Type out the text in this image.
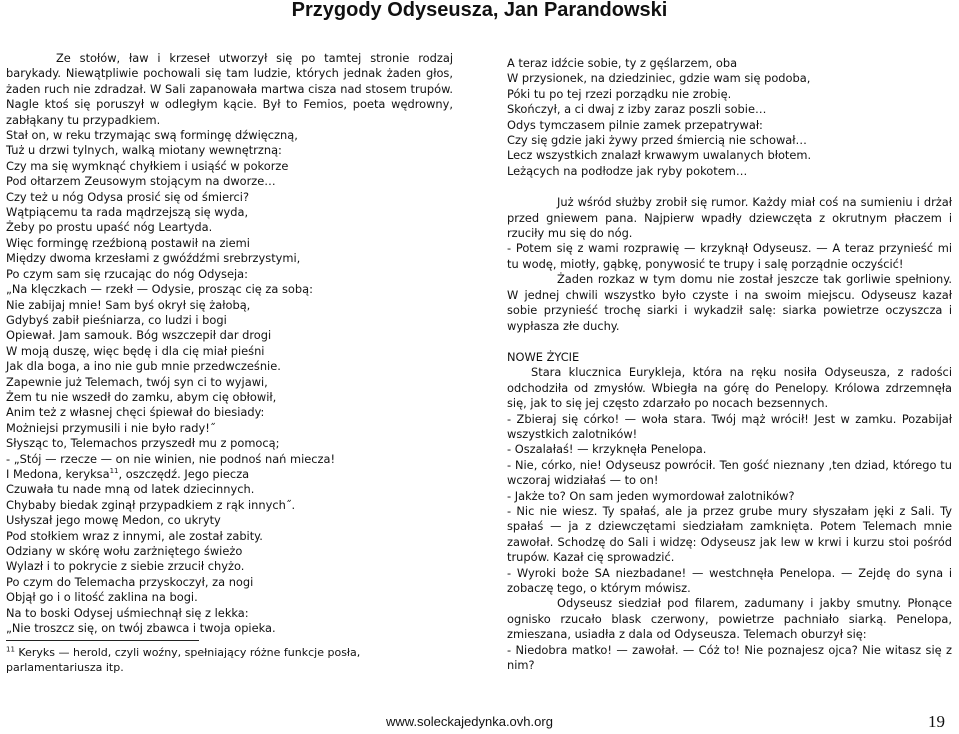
Przygody Odyseusza, Jan Parandowski

Ze stołów, ław i krzeseł utworzył się po tamtej stronie rodzaj barykady. Niewątpliwie pochowali się tam ludzie, których jednak żaden głos, żaden ruch nie zdradzał. W Sali zapanowała martwa cisza nad stosem trupów. Nagle ktoś się poruszył w odległym kącie. Był to Femios, poeta wędrowny, zabłąkany tu przypadkiem.

Stał on, w reku trzymając swą formingę dźwięczną,

Tuż u drzwi tylnych, walką miotany wewnętrzną:

Czy ma się wymknąć chyłkiem i usiąść w pokorze

Pod ołtarzem Zeusowym stojącym na dworze…

Czy też u nóg Odysa prosić się od śmierci?

Wątpiącemu ta rada mądrzejszą się wyda,

Żeby po prostu upaść nóg Leartyda.

Więc formingę rzeźbioną postawił na ziemi

Między dwoma krzesłami z gwóźdźmi srebrzystymi,

Po czym sam się rzucając do nóg Odyseja:

„Na klęczkach — rzekł — Odysie, prosząc cię za sobą:

Nie zabijaj mnie! Sam byś okrył się żałobą,

Gdybyś zabił pieśniarza, co ludzi i bogi

Opiewał. Jam samouk. Bóg wszczepił dar drogi

W moją duszę, więc będę i dla cię miał pieśni

Jak dla boga, a ino nie gub mnie przedwcześnie.

Zapewnie już Telemach, twój syn ci to wyjawi,

Żem tu nie wszedł do zamku, abym cię obłowił,

Anim też z własnej chęci śpiewał do biesiady:

Możniejsi przymusili i nie było rady!˝

Słysząc to, Telemachos przyszedł mu z pomocą;

- „Stój — rzecze — on nie winien, nie podnoś nań miecza!

I Medona, keryksa$^{11}$, oszczędź. Jego piecza

Czuwała tu nade mną od latek dziecinnych.

Chybaby biedak zginął przypadkiem z rąk innych˝.

Usłyszał jego mowę Medon, co ukryty

Pod stołkiem wraz z innymi, ale został zabity.

Odziany w skórę wołu zarżniętego świeżo

Wylazł i to pokrycie z siebie zrzucił chyżo.

Po czym do Telemacha przyskoczył, za nogi

Objął go i o litość zaklina na bogi.

Na to boski Odysej uśmiechnął się z lekka:

„Nie troszcz się, on twój zbawca i twoja opieka.

$^{11}$ Keryks — herold, czyli woźny, spełniający różne funkcje posła, parlamentariusza itp.

A teraz idźcie sobie, ty z gęślarzem, oba

W przysionek, na dziedziniec, gdzie wam się podoba,

Póki tu po tej rzezi porządku nie zrobię.

Skończył, a ci dwaj z izby zaraz poszli sobie…

Odys tymczasem pilnie zamek przepatrywał:

Czy się gdzie jaki żywy przed śmiercią nie schował…

Lecz wszystkich znalazł krwawym uwalanych błotem.

Leżących na podłodze jak ryby pokotem…

Już wśród służby zrobił się rumor. Każdy miał coś na sumieniu i drżał przed gniewem pana. Najpierw wpadły dziewczęta z okrutnym płaczem i rzuciły mu się do nóg.

- Potem się z wami rozprawię — krzyknął Odyseusz. — A teraz przynieść mi tu wodę, miotły, gąbkę, ponywosić te trupy i salę porządnie oczyścić!

Żaden rozkaz w tym domu nie został jeszcze tak gorliwie spełniony. W jednej chwili wszystko było czyste i na swoim miejscu. Odyseusz kazał sobie przynieść trochę siarki i wykadził salę: siarka powietrze oczyszcza i wypłasza złe duchy.

NOWE ŻYCIE

Stara klucznica Eurykleja, która na ręku nosiła Odyseusza, z radości odchodziła od zmysłów. Wbiegła na górę do Penelopy. Królowa zdrzemnęła się, jak to się jej często zdarzało po nocach bezsennych.

- Zbieraj się córko! — woła stara. Twój mąż wrócił! Jest w zamku. Pozabijał wszystkich zalotników!

- Oszalałaś! — krzyknęła Penelopa.

- Nie, córko, nie! Odyseusz powrócił. Ten gość nieznany ,ten dziad, którego tu wczoraj widziałaś — to on!

- Jakże to? On sam jeden wymordował zalotników?

- Nic nie wiesz. Ty spałaś, ale ja przez grube mury słyszałam jęki z Sali. Ty spałaś — ja z dziewczętami siedziałam zamknięta. Potem Telemach mnie zawołał. Schodzę do Sali i widzę: Odyseusz jak lew w krwi i kurzu stoi pośród trupów. Kazał cię sprowadzić.

- Wyroki boże SA niezbadane! — westchnęła Penelopa. — Zejdę do syna i zobaczę tego, o którym mówisz.

Odyseusz siedział pod filarem, zadumany i jakby smutny. Płonące ognisko rzucało blask czerwony, powietrze pachniało siarką. Penelopa, zmieszana, usiadła z dala od Odyseusza. Telemach oburzył się:

- Niedobra matko! — zawołał. — Cóż to! Nie poznajesz ojca? Nie witasz się z nim?

www.soleckajedynka.ovh.org	19
